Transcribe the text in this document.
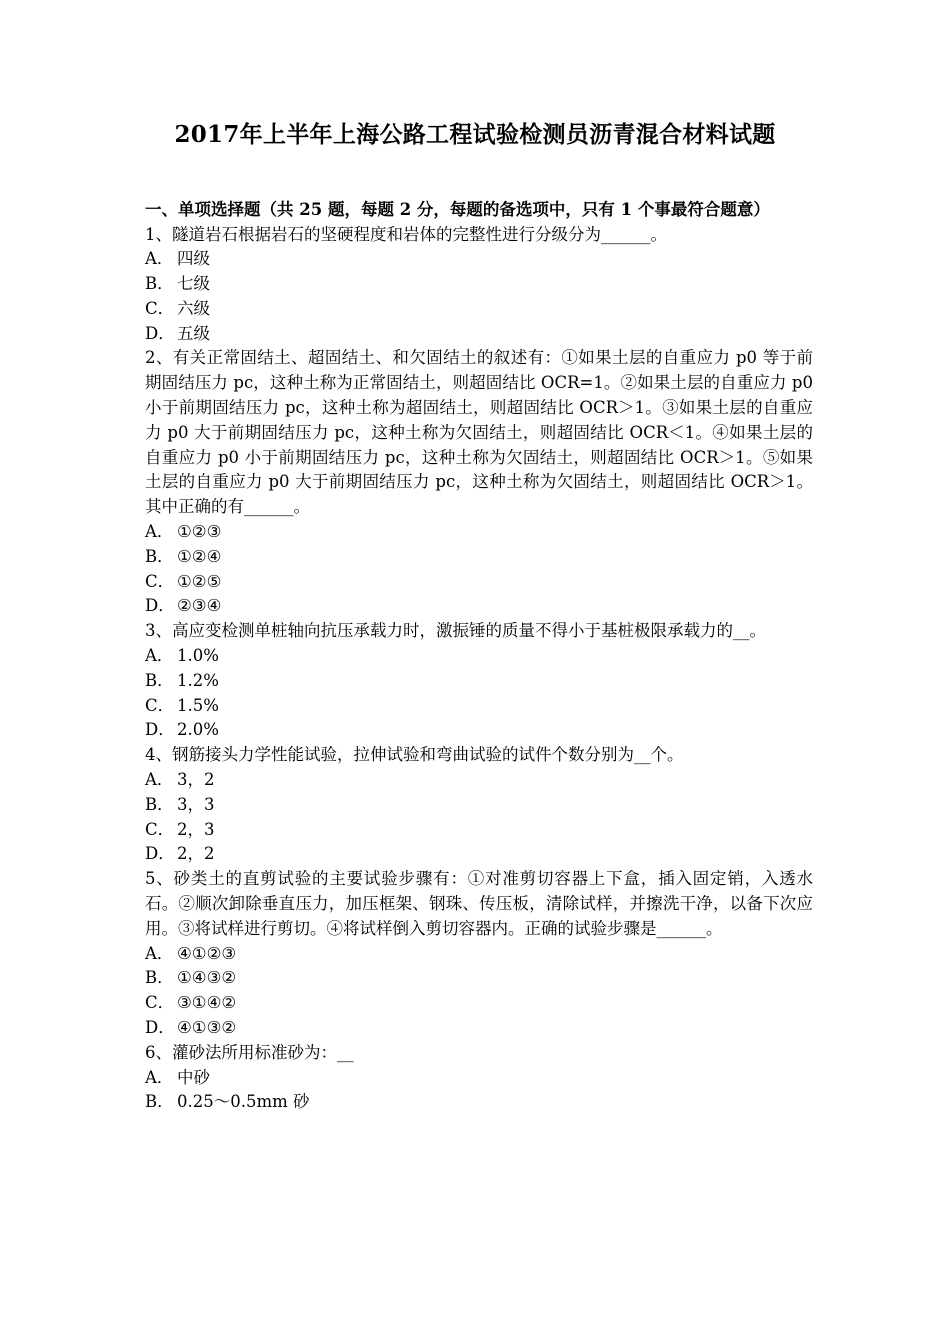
2017年上半年上海公路工程试验检测员沥青混合材料试题
一、单项选择题（共 25 题，每题 2 分，每题的备选项中，只有 1 个事最符合题意）
1、隧道岩石根据岩石的坚硬程度和岩体的完整性进行分级分为______。
A． 四级
B． 七级
C． 六级
D． 五级
2、有关正常固结土、超固结土、和欠固结土的叙述有：①如果土层的自重应力 p0 等于前期固结压力 pc，这种土称为正常固结土，则超固结比 OCR=1。②如果土层的自重应力 p0 小于前期固结压力 pc，这种土称为超固结土，则超固结比 OCR＞1。③如果土层的自重应力 p0 大于前期固结压力 pc，这种土称为欠固结土，则超固结比 OCR＜1。④如果土层的自重应力 p0 小于前期固结压力 pc，这种土称为欠固结土，则超固结比 OCR＞1。⑤如果土层的自重应力 p0 大于前期固结压力 pc，这种土称为欠固结土，则超固结比 OCR＞1。其中正确的有______。
A． ①②③
B． ①②④
C． ①②⑤
D． ②③④
3、高应变检测单桩轴向抗压承载力时，激振锤的质量不得小于基桩极限承载力的__。
A． 1.0%
B． 1.2%
C． 1.5%
D． 2.0%
4、钢筋接头力学性能试验，拉伸试验和弯曲试验的试件个数分别为__个。
A． 3，2
B． 3，3
C． 2，3
D． 2，2
5、砂类土的直剪试验的主要试验步骤有：①对准剪切容器上下盒，插入固定销，入透水石。②顺次卸除垂直压力，加压框架、钢珠、传压板，清除试样，并擦洗干净，以备下次应用。③将试样进行剪切。④将试样倒入剪切容器内。正确的试验步骤是______。
A． ④①②③
B． ①④③②
C． ③①④②
D． ④①③②
6、灌砂法所用标准砂为：__
A． 中砂
B． 0.25～0.5mm 砂
